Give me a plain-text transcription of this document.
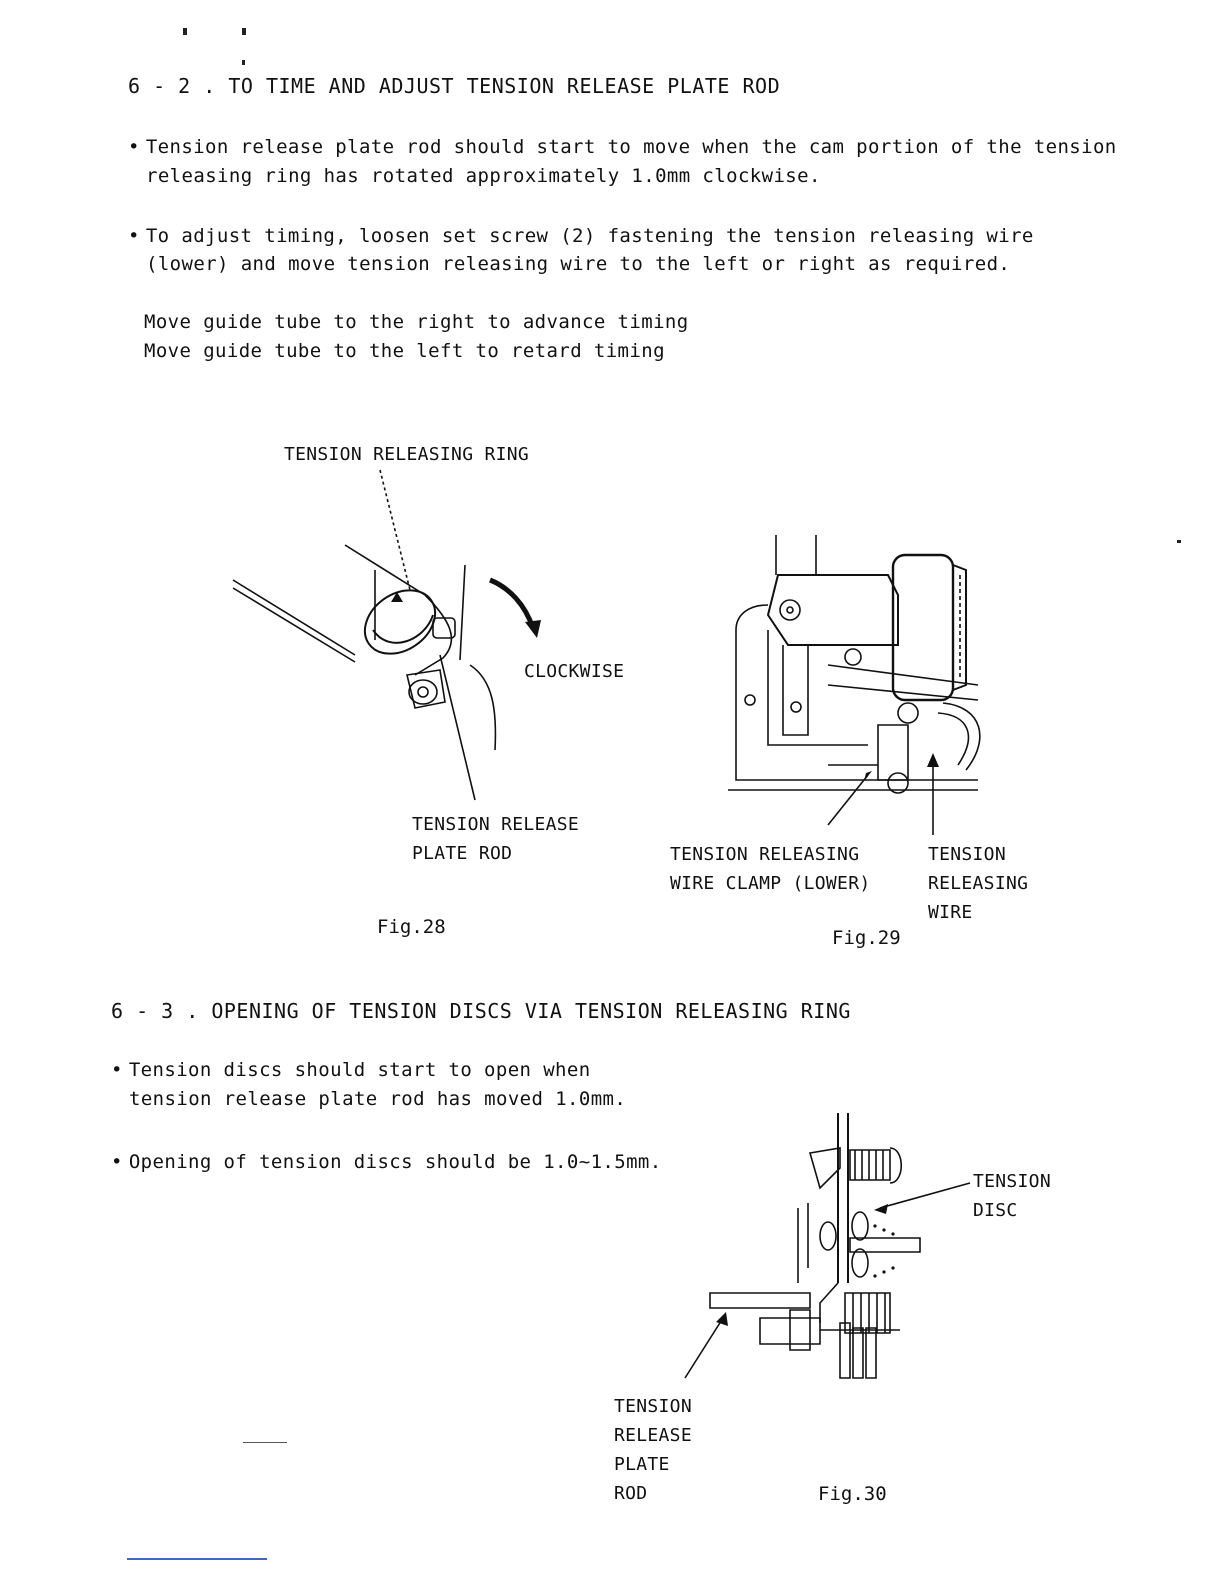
6 - 2 . TO TIME AND ADJUST TENSION RELEASE PLATE ROD
• Tension release plate rod should start to move when the cam portion of the tension
releasing ring has rotated approximately 1.0mm clockwise.
• To adjust timing, loosen set screw (2) fastening the tension releasing wire
(lower) and move tension releasing wire to the left or right as required.
Move guide tube to the right to advance timing
Move guide tube to the left to retard timing
TENSION RELEASING RING
CLOCKWISE
TENSION RELEASE
PLATE ROD
Fig.28
TENSION RELEASING
WIRE CLAMP (LOWER)
TENSION
RELEASING
WIRE
Fig.29
6 - 3 . OPENING OF TENSION DISCS VIA TENSION RELEASING RING
• Tension discs should start to open when
tension release plate rod has moved 1.0mm.
• Opening of tension discs should be 1.0~1.5mm.
TENSION
DISC
TENSION
RELEASE
PLATE
ROD	Fig.30
